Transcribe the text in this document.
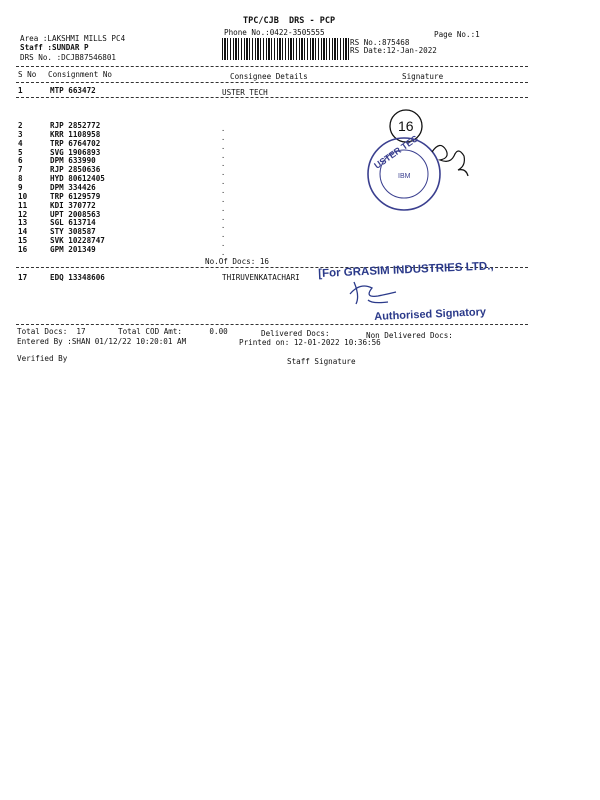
TPC/CJB  DRS - PCP
Phone No.:0422-3505555	Page No.:1
Area :LAKSHMI MILLS PC4
Staff :SUNDAR P
DRS No. :DCJB87546801
RS No.:875468
RS Date:12-Jan-2022
S No Consignment No	Consignee Details	Signature
1	MTP 663472	USTER TECH
2	RJP 2852772	.
3	KRR 1108958	.
4	TRP 6764702	.
5	SVG 1906893	.
6	DPM 633990	.
7	RJP 2850636	.
8	HYD 80612405	.
9	DPM 334426	.
10	TRP 6129579	.
11	KDI 370772	.
12	UPT 2008563	.
13	SGL 613714	.
14	STY 308587	.
15	SVK 10228747	.
16	GPM 201349	.
No.Of Docs: 16
17	EDQ 13348606	THIRUVENKATACHARI
16
USTER TEC
IBM
[For GRASIM INDUSTRIES LTD.,
Authorised Signatory
Total Docs:  17	Total COD Amt:      0.00	Delivered Docs:	Non Delivered Docs:
Entered By :SHAN 01/12/22 10:20:01 AM	Printed on: 12-01-2022 10:36:56
Verified By	Staff Signature
